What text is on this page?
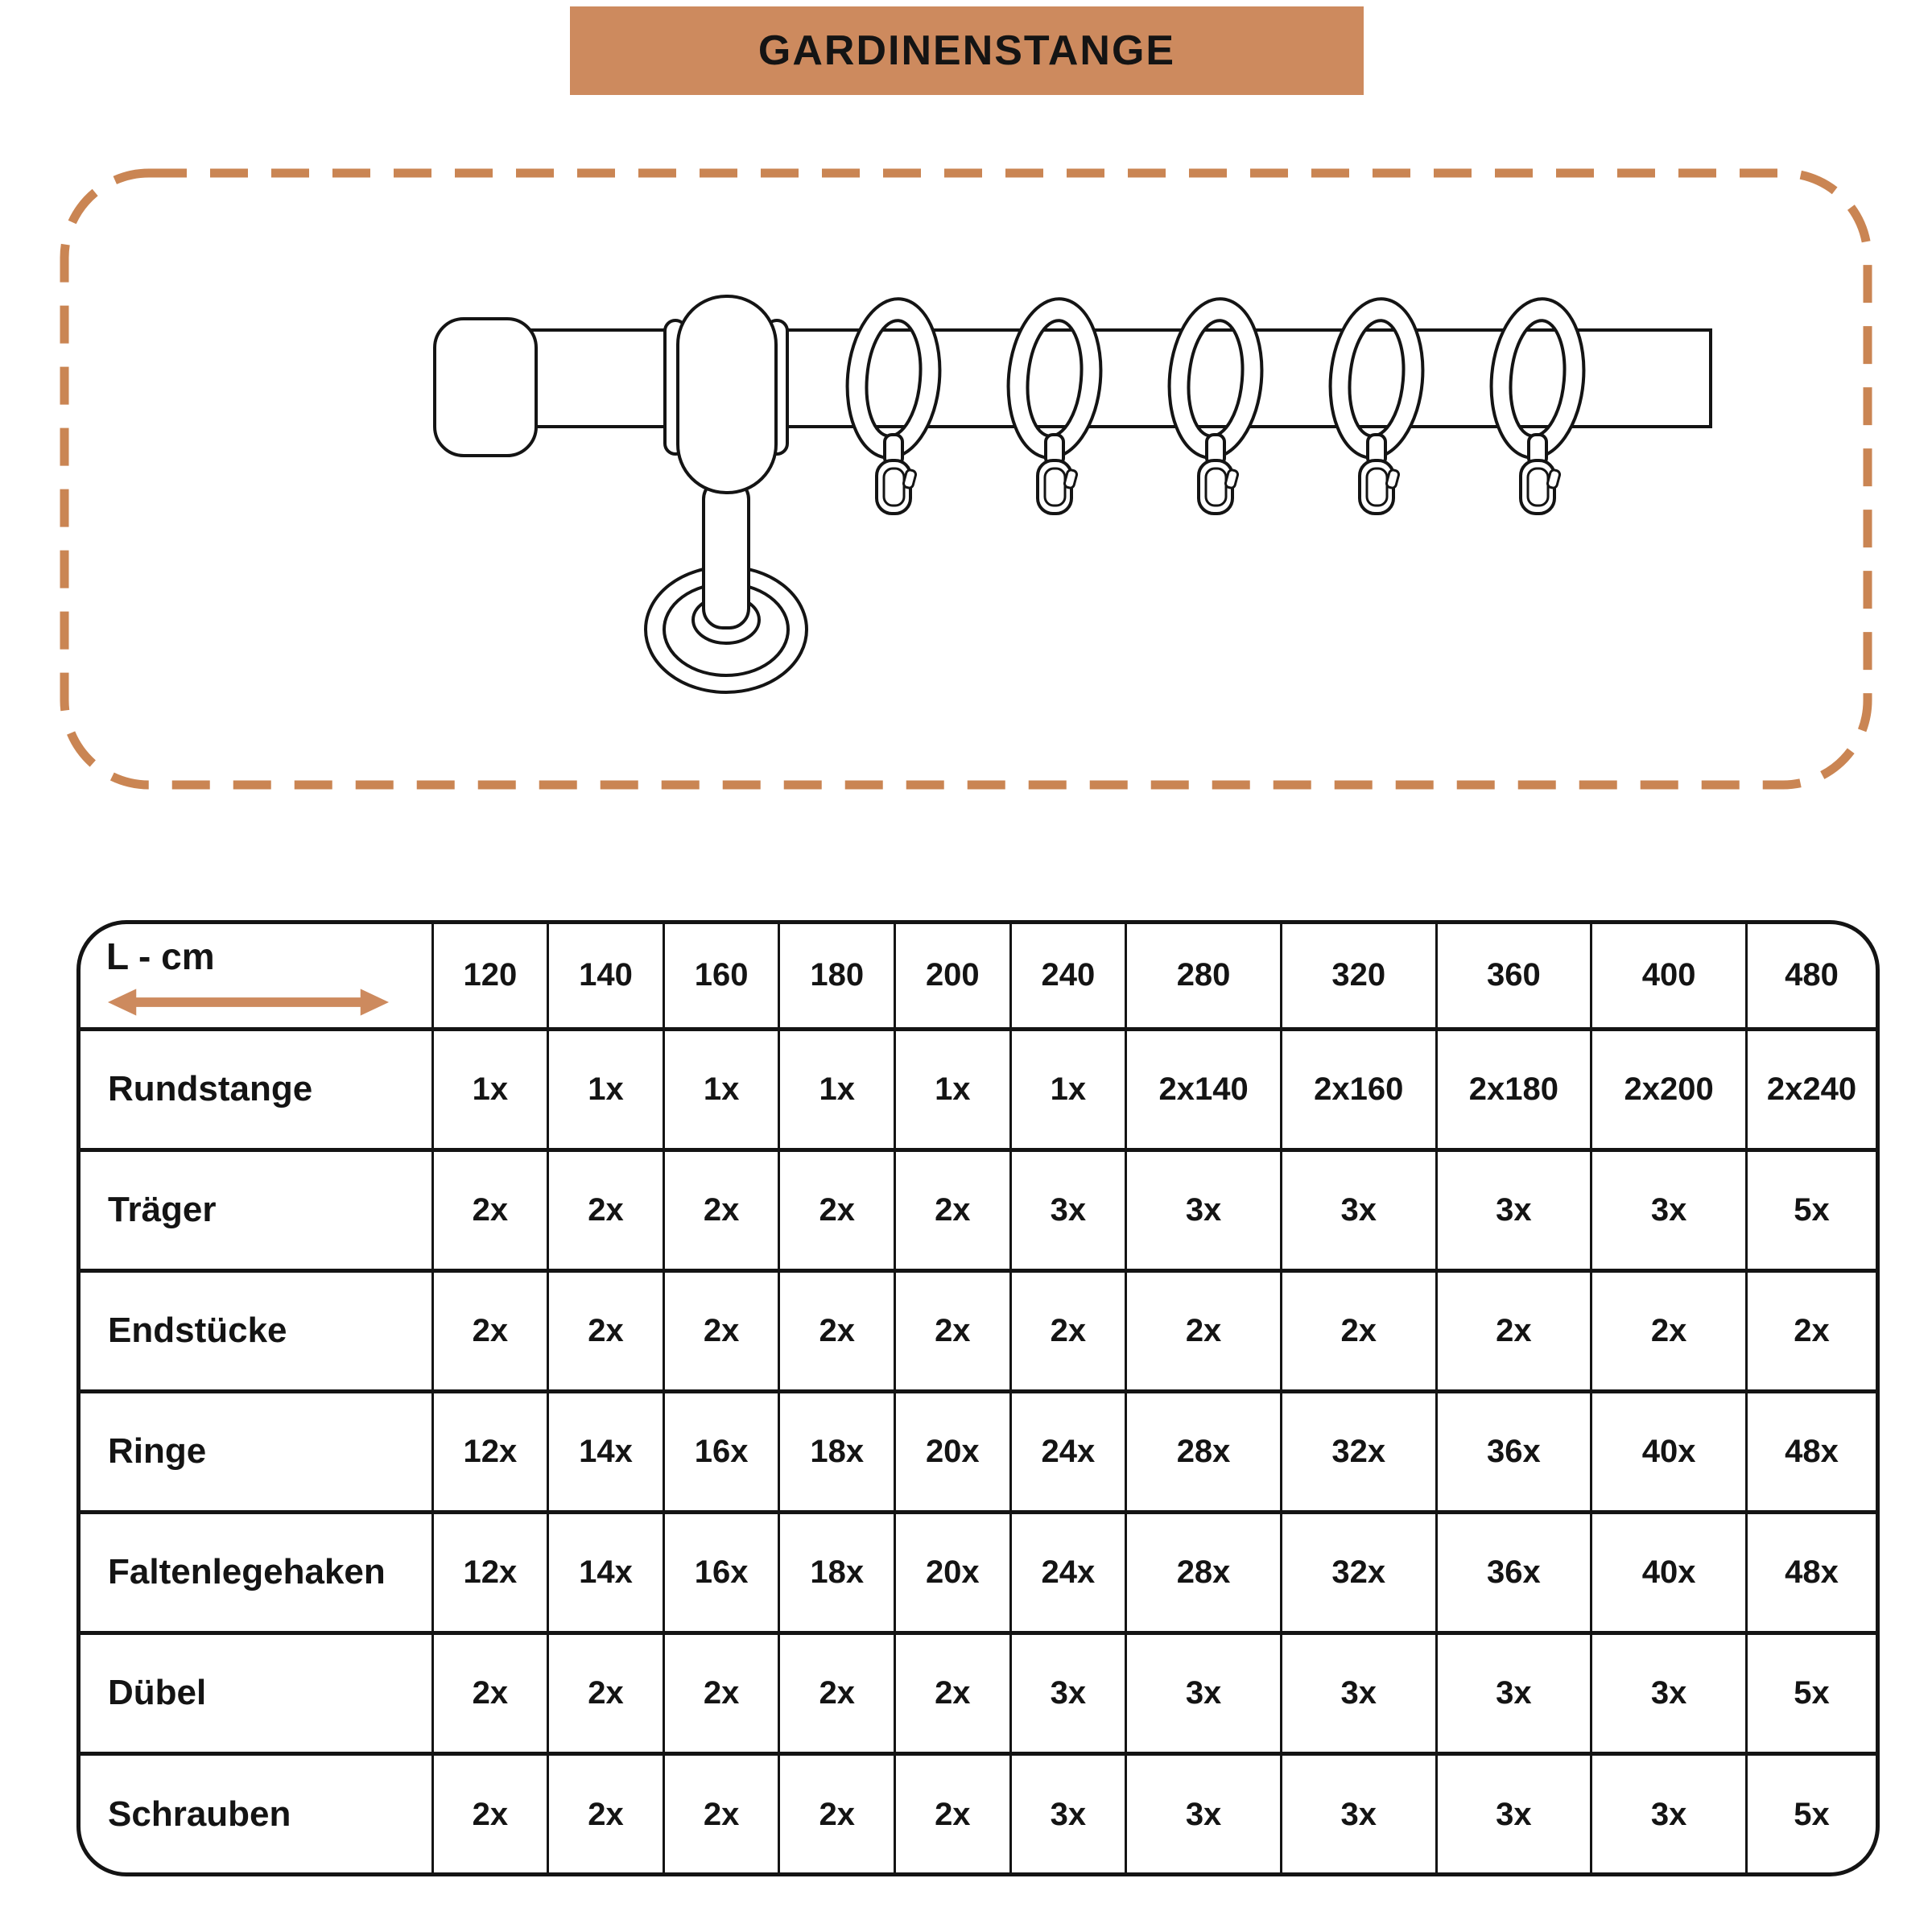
GARDINENSTANGE
L - cm	120	140	160	180	200	240	280	320	360	400	480
Rundstange	1x	1x	1x	1x	1x	1x	2x140	2x160	2x180	2x200	2x240
Träger	2x	2x	2x	2x	2x	3x	3x	3x	3x	3x	5x
Endstücke	2x	2x	2x	2x	2x	2x	2x	2x	2x	2x	2x
Ringe	12x	14x	16x	18x	20x	24x	28x	32x	36x	40x	48x
Faltenlegehaken	12x	14x	16x	18x	20x	24x	28x	32x	36x	40x	48x
Dübel	2x	2x	2x	2x	2x	3x	3x	3x	3x	3x	5x
Schrauben	2x	2x	2x	2x	2x	3x	3x	3x	3x	3x	5x
